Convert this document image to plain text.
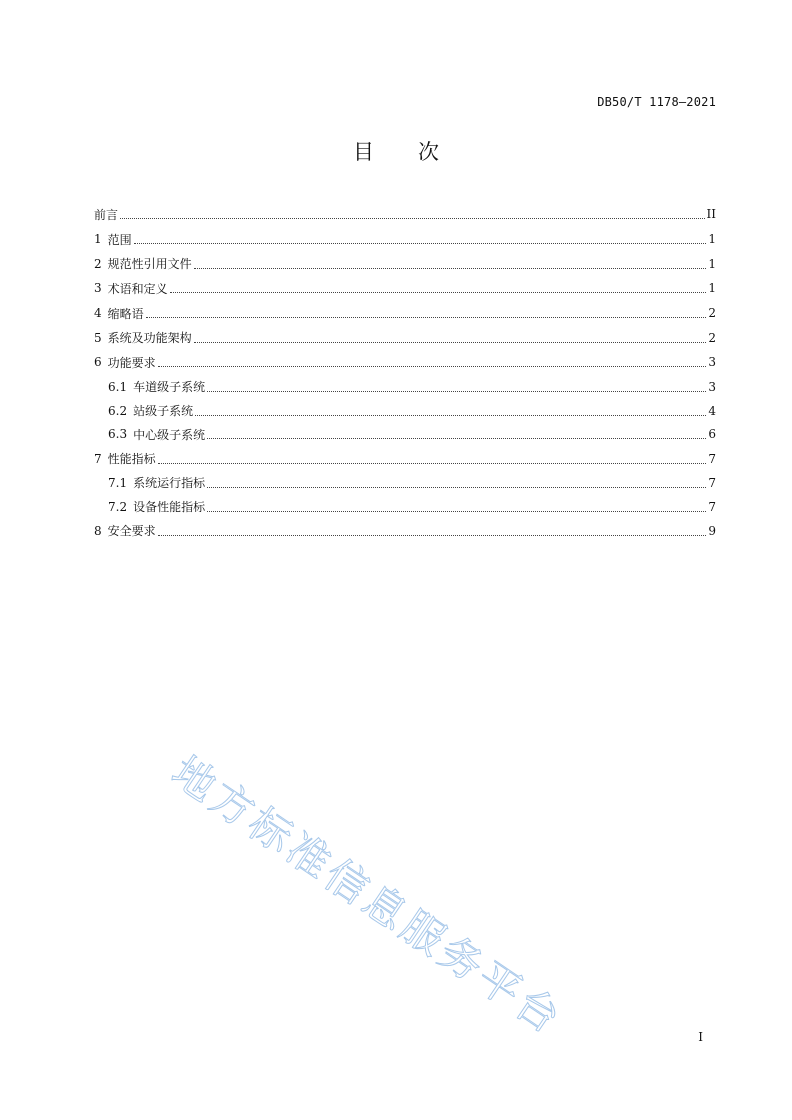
DB50/T 1178—2021
目次
前言	II
1 范围	1
2 规范性引用文件	1
3 术语和定义	1
4 缩略语	2
5 系统及功能架构	2
6 功能要求	3
6.1 车道级子系统	3
6.2 站级子系统	4
6.3 中心级子系统	6
7 性能指标	7
7.1 系统运行指标	7
7.2 设备性能指标	7
8 安全要求	9
地方标准信息服务平台	I
